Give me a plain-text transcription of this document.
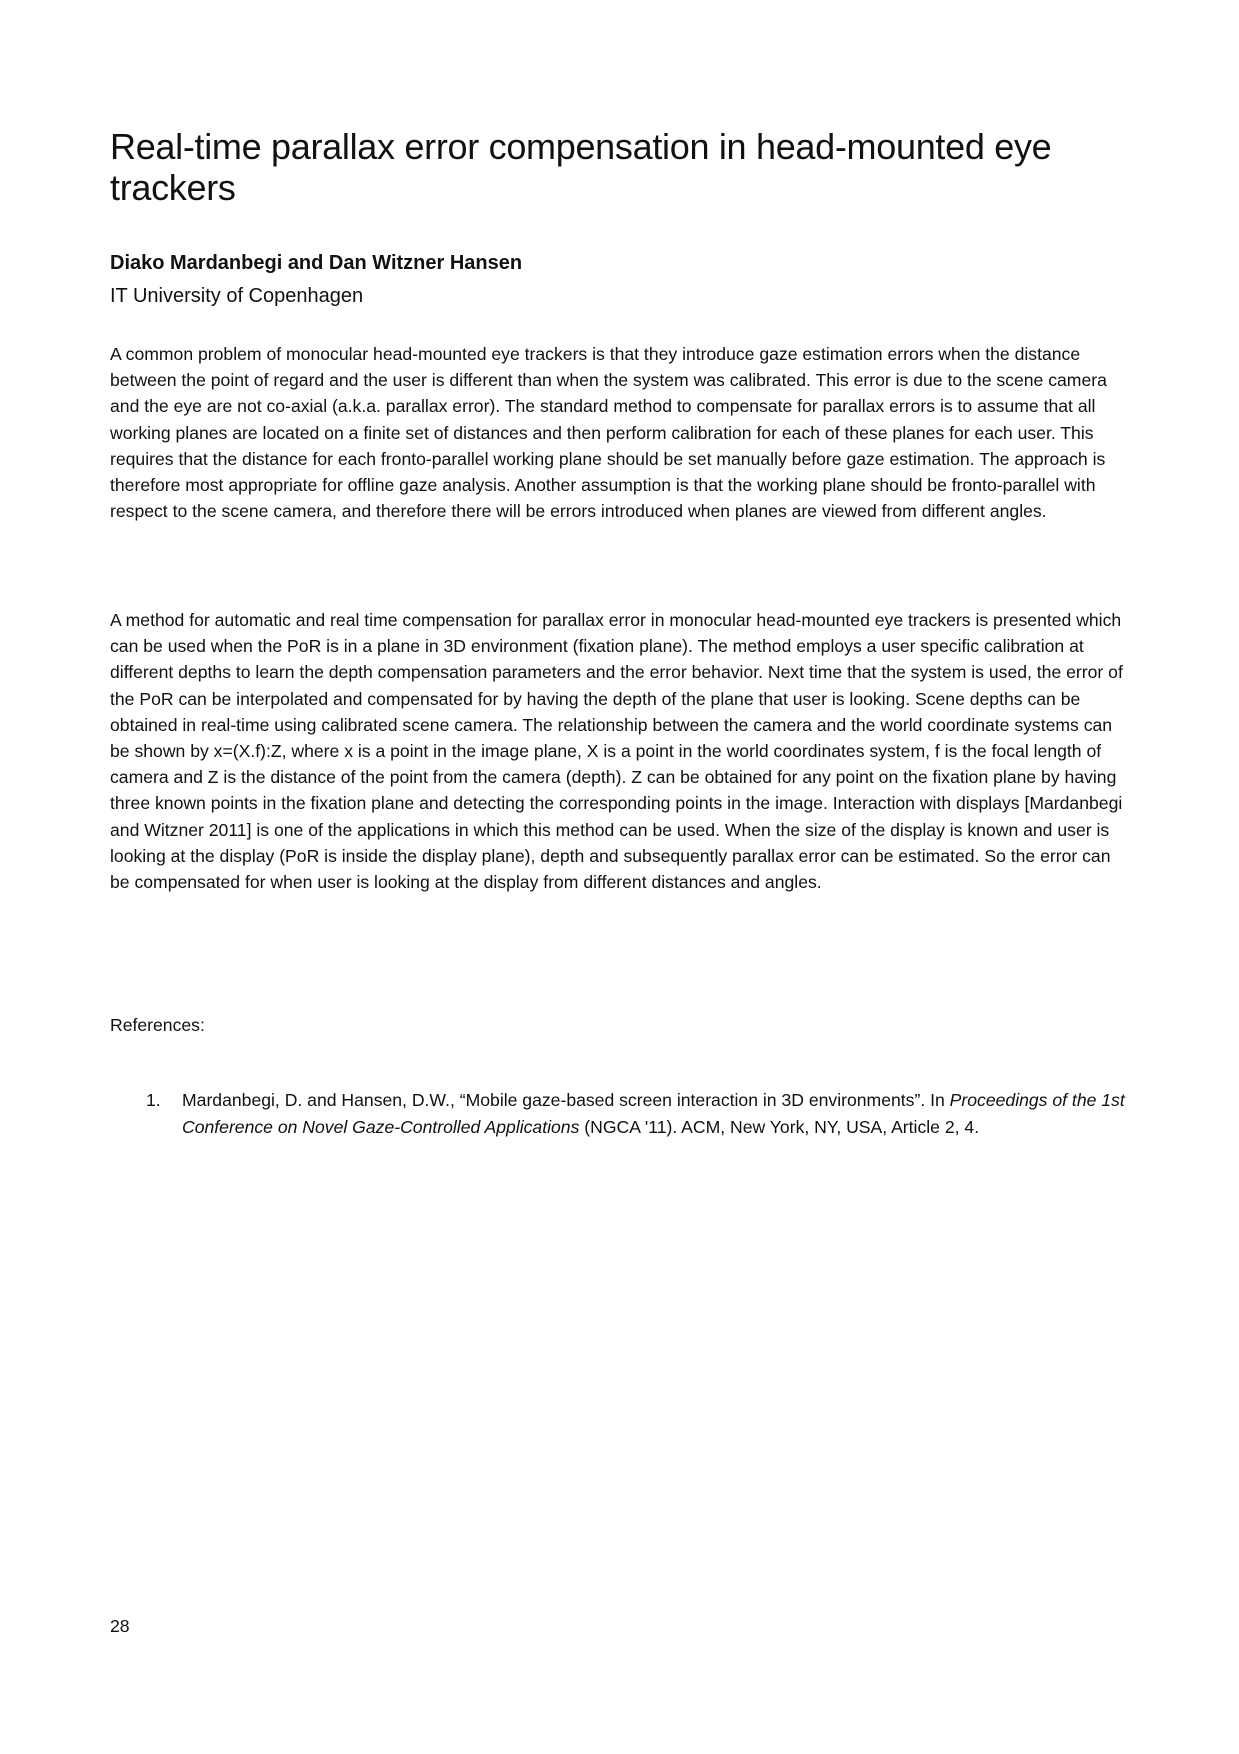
Real-time parallax error compensation in head-mounted eye trackers

Diako Mardanbegi and Dan Witzner Hansen

IT University of Copenhagen

A common problem of monocular head-mounted eye trackers is that they introduce gaze estimation errors when the distance between the point of regard and the user is different than when the system was calibrated. This error is due to the scene camera and the eye are not co-axial (a.k.a. parallax error). The standard method to compensate for parallax errors is to assume that all working planes are located on a finite set of distances and then perform calibration for each of these planes for each user. This requires that the distance for each fronto-parallel working plane should be set manually before gaze estimation. The approach is therefore most appropriate for offline gaze analysis. Another assumption is that the working plane should be fronto-parallel with respect to the scene camera, and therefore there will be errors introduced when planes are viewed from different angles.

A method for automatic and real time compensation for parallax error in monocular head-mounted eye trackers is presented which can be used when the PoR is in a plane in 3D environment (fixation plane). The method employs a user specific calibration at different depths to learn the depth compensation parameters and the error behavior. Next time that the system is used, the error of the PoR can be interpolated and compensated for by having the depth of the plane that user is looking. Scene depths can be obtained in real-time using calibrated scene camera. The relationship between the camera and the world coordinate systems can be shown by x=(X.f):Z, where x is a point in the image plane, X is a point in the world coordinates system, f is the focal length of camera and Z is the distance of the point from the camera (depth). Z can be obtained for any point on the fixation plane by having three known points in the fixation plane and detecting the corresponding points in the image. Interaction with displays [Mardanbegi and Witzner 2011] is one of the applications in which this method can be used. When the size of the display is known and user is looking at the display (PoR is inside the display plane), depth and subsequently parallax error can be estimated. So the error can be compensated for when user is looking at the display from different distances and angles.

References:

1. Mardanbegi, D. and Hansen, D.W., “Mobile gaze-based screen interaction in 3D environments”. In Proceedings of the 1st Conference on Novel Gaze-Controlled Applications (NGCA '11). ACM, New York, NY, USA, Article 2, 4.

28
